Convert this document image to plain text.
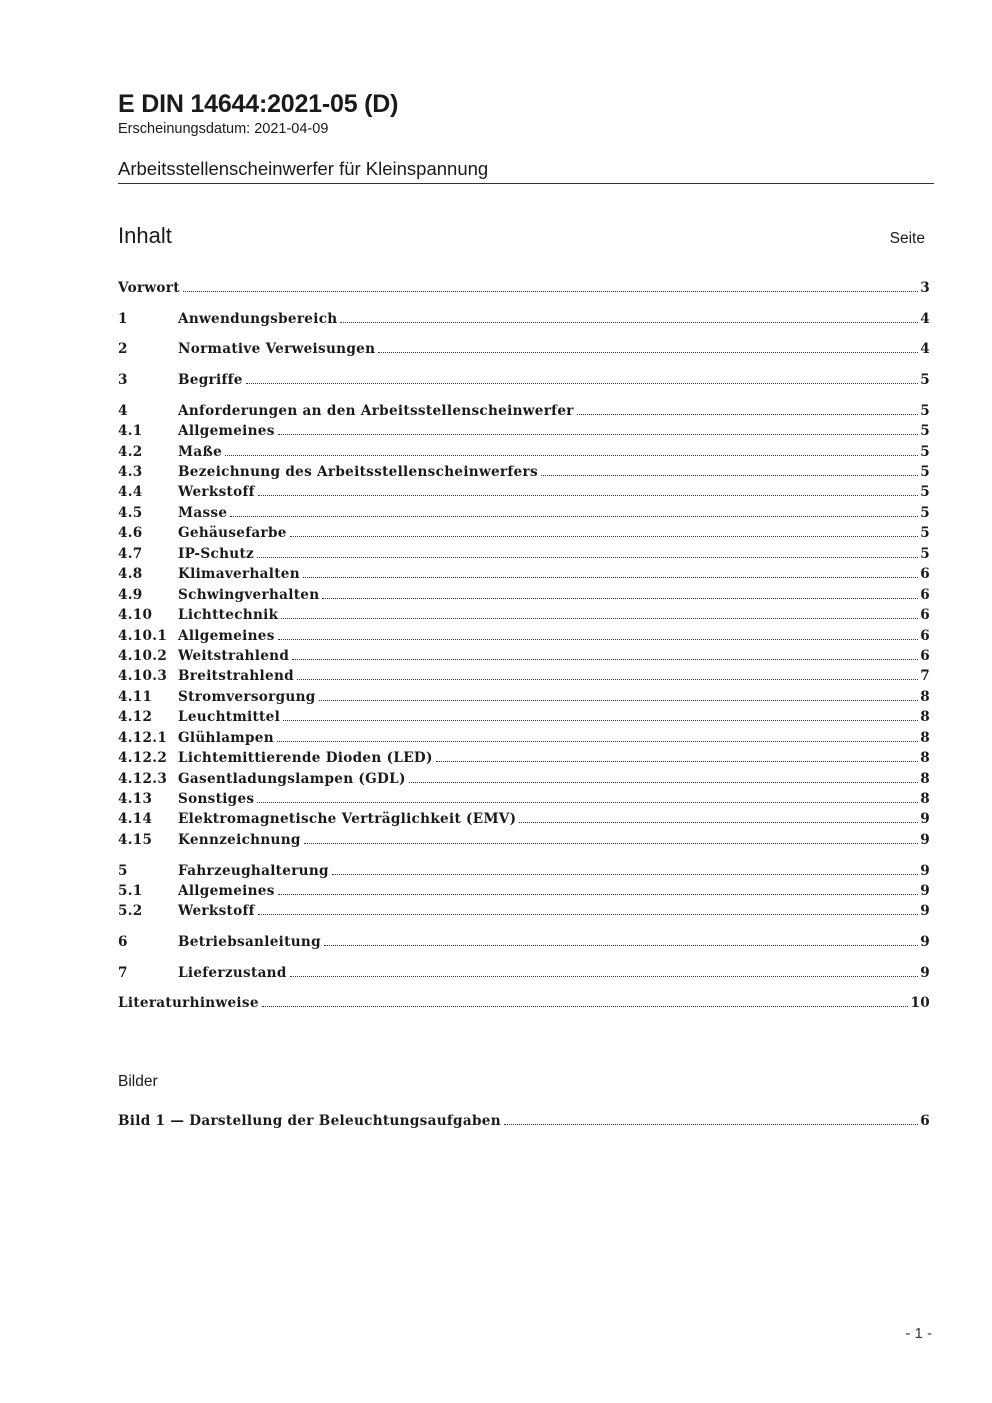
E DIN 14644:2021-05 (D)
Erscheinungsdatum: 2021-04-09
Arbeitsstellenscheinwerfer für Kleinspannung
Inhalt	Seite
Vorwort	3
1	Anwendungsbereich	4
2	Normative Verweisungen	4
3	Begriffe	5
4	Anforderungen an den Arbeitsstellenscheinwerfer	5
4.1	Allgemeines	5
4.2	Maße	5
4.3	Bezeichnung des Arbeitsstellenscheinwerfers	5
4.4	Werkstoff	5
4.5	Masse	5
4.6	Gehäusefarbe	5
4.7	IP-Schutz	5
4.8	Klimaverhalten	6
4.9	Schwingverhalten	6
4.10	Lichttechnik	6
4.10.1 Allgemeines	6
4.10.2 Weitstrahlend	6
4.10.3 Breitstrahlend	7
4.11	Stromversorgung	8
4.12	Leuchtmittel	8
4.12.1 Glühlampen	8
4.12.2 Lichtemittierende Dioden (LED)	8
4.12.3 Gasentladungslampen (GDL)	8
4.13	Sonstiges	8
4.14	Elektromagnetische Verträglichkeit (EMV)	9
4.15	Kennzeichnung	9
5	Fahrzeughalterung	9
5.1	Allgemeines	9
5.2	Werkstoff	9
6	Betriebsanleitung	9
7	Lieferzustand	9
Literaturhinweise	10
Bilder
Bild 1 — Darstellung der Beleuchtungsaufgaben	6
- 1 -
